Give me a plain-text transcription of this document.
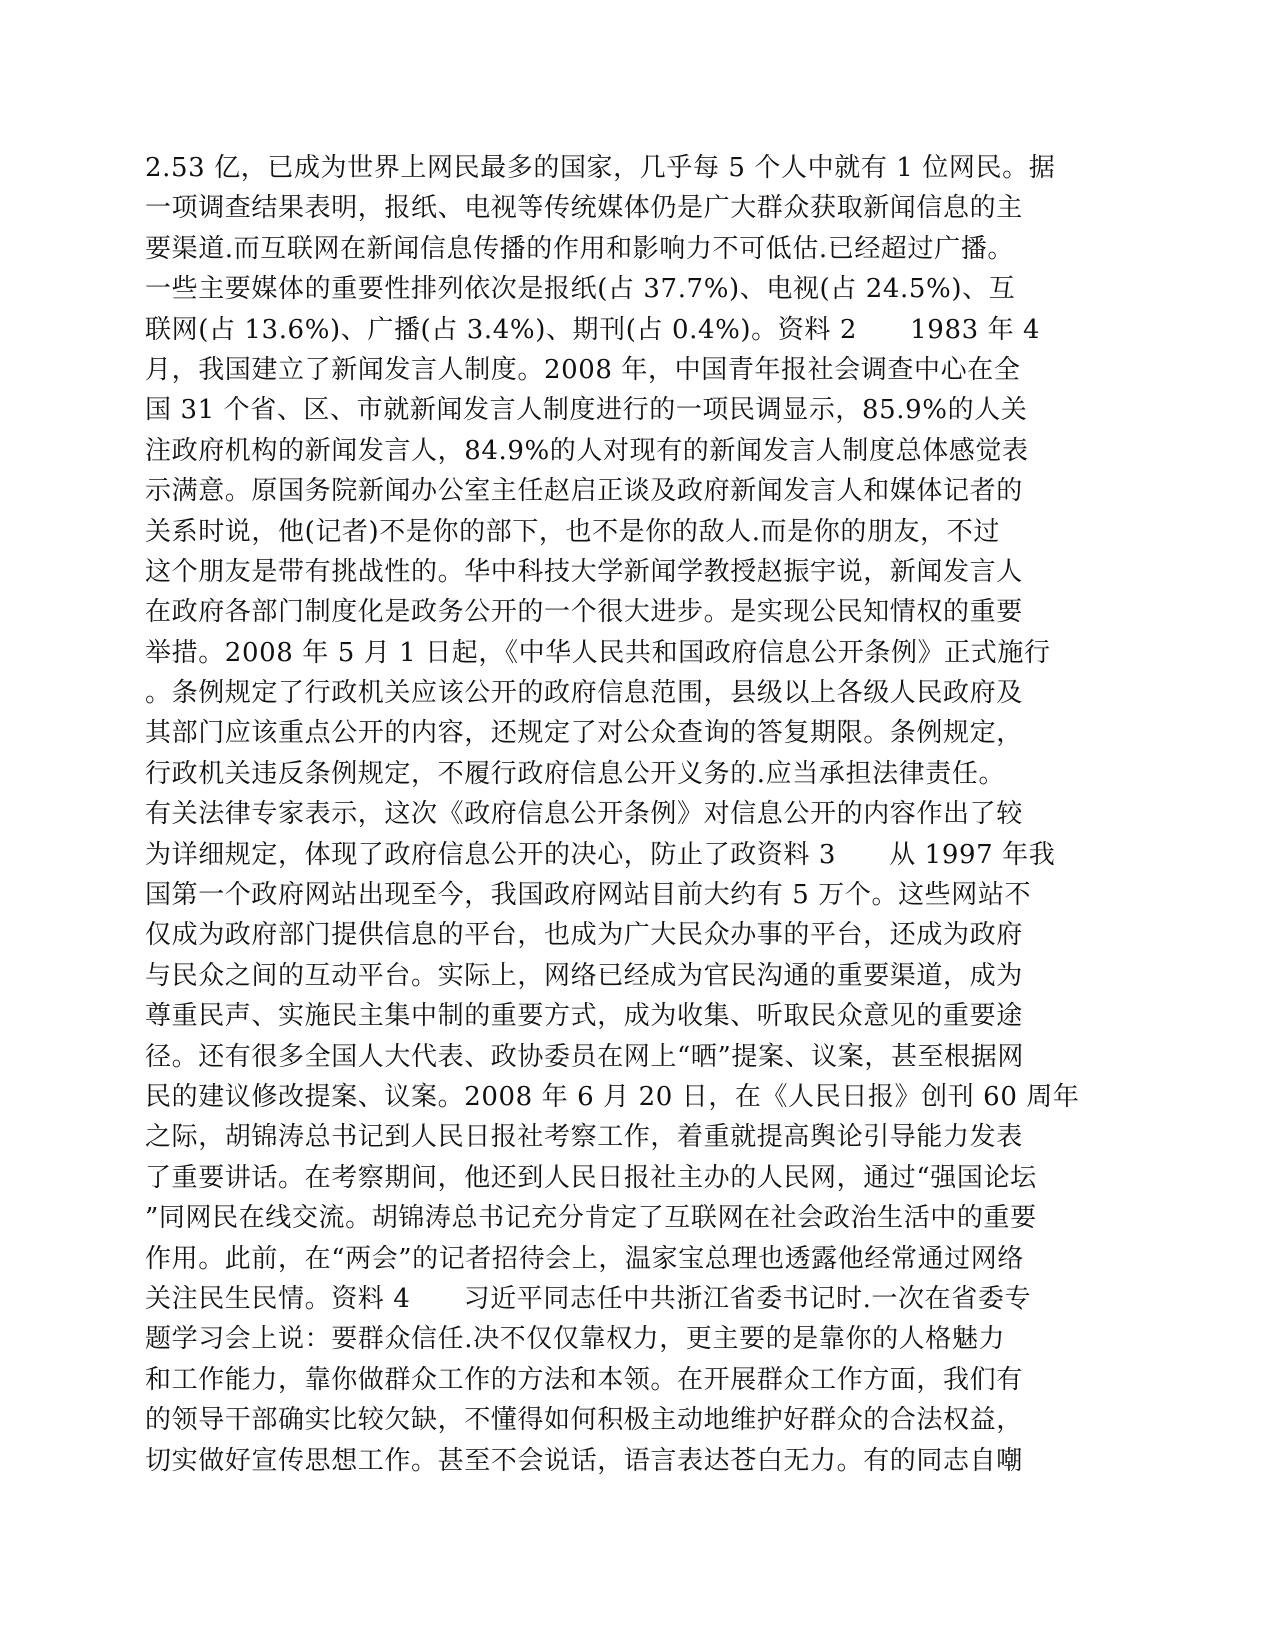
2.53 亿，已成为世界上网民最多的国家，几乎每 5 个人中就有 1 位网民。据
一项调查结果表明，报纸、电视等传统媒体仍是广大群众获取新闻信息的主
要渠道.而互联网在新闻信息传播的作用和影响力不可低估.已经超过广播。
一些主要媒体的重要性排列依次是报纸(占 37.7%)、电视(占 24.5%)、互
联网(占 13.6%)、广播(占 3.4%)、期刊(占 0.4%)。资料 2　　1983 年 4
月，我国建立了新闻发言人制度。2008 年，中国青年报社会调查中心在全
国 31 个省、区、市就新闻发言人制度进行的一项民调显示，85.9%的人关
注政府机构的新闻发言人，84.9%的人对现有的新闻发言人制度总体感觉表
示满意。原国务院新闻办公室主任赵启正谈及政府新闻发言人和媒体记者的
关系时说，他(记者)不是你的部下，也不是你的敌人.而是你的朋友，不过
这个朋友是带有挑战性的。华中科技大学新闻学教授赵振宇说，新闻发言人
在政府各部门制度化是政务公开的一个很大进步。是实现公民知情权的重要
举措。2008 年 5 月 1 日起，《中华人民共和国政府信息公开条例》正式施行
。条例规定了行政机关应该公开的政府信息范围，县级以上各级人民政府及
其部门应该重点公开的内容，还规定了对公众查询的答复期限。条例规定，
行政机关违反条例规定，不履行政府信息公开义务的.应当承担法律责任。
有关法律专家表示，这次《政府信息公开条例》对信息公开的内容作出了较
为详细规定，体现了政府信息公开的决心，防止了政资料 3　　从 1997 年我
国第一个政府网站出现至今，我国政府网站目前大约有 5 万个。这些网站不
仅成为政府部门提供信息的平台，也成为广大民众办事的平台，还成为政府
与民众之间的互动平台。实际上，网络已经成为官民沟通的重要渠道，成为
尊重民声、实施民主集中制的重要方式，成为收集、听取民众意见的重要途
径。还有很多全国人大代表、政协委员在网上“晒”提案、议案，甚至根据网
民的建议修改提案、议案。2008 年 6 月 20 日，在《人民日报》创刊 60 周年
之际，胡锦涛总书记到人民日报社考察工作，着重就提高舆论引导能力发表
了重要讲话。在考察期间，他还到人民日报社主办的人民网，通过“强国论坛
”同网民在线交流。胡锦涛总书记充分肯定了互联网在社会政治生活中的重要
作用。此前，在“两会”的记者招待会上，温家宝总理也透露他经常通过网络
关注民生民情。资料 4　　习近平同志任中共浙江省委书记时.一次在省委专
题学习会上说：要群众信任.决不仅仅靠权力，更主要的是靠你的人格魅力
和工作能力，靠你做群众工作的方法和本领。在开展群众工作方面，我们有
的领导干部确实比较欠缺，不懂得如何积极主动地维护好群众的合法权益，
切实做好宣传思想工作。甚至不会说话，语言表达苍白无力。有的同志自嘲
